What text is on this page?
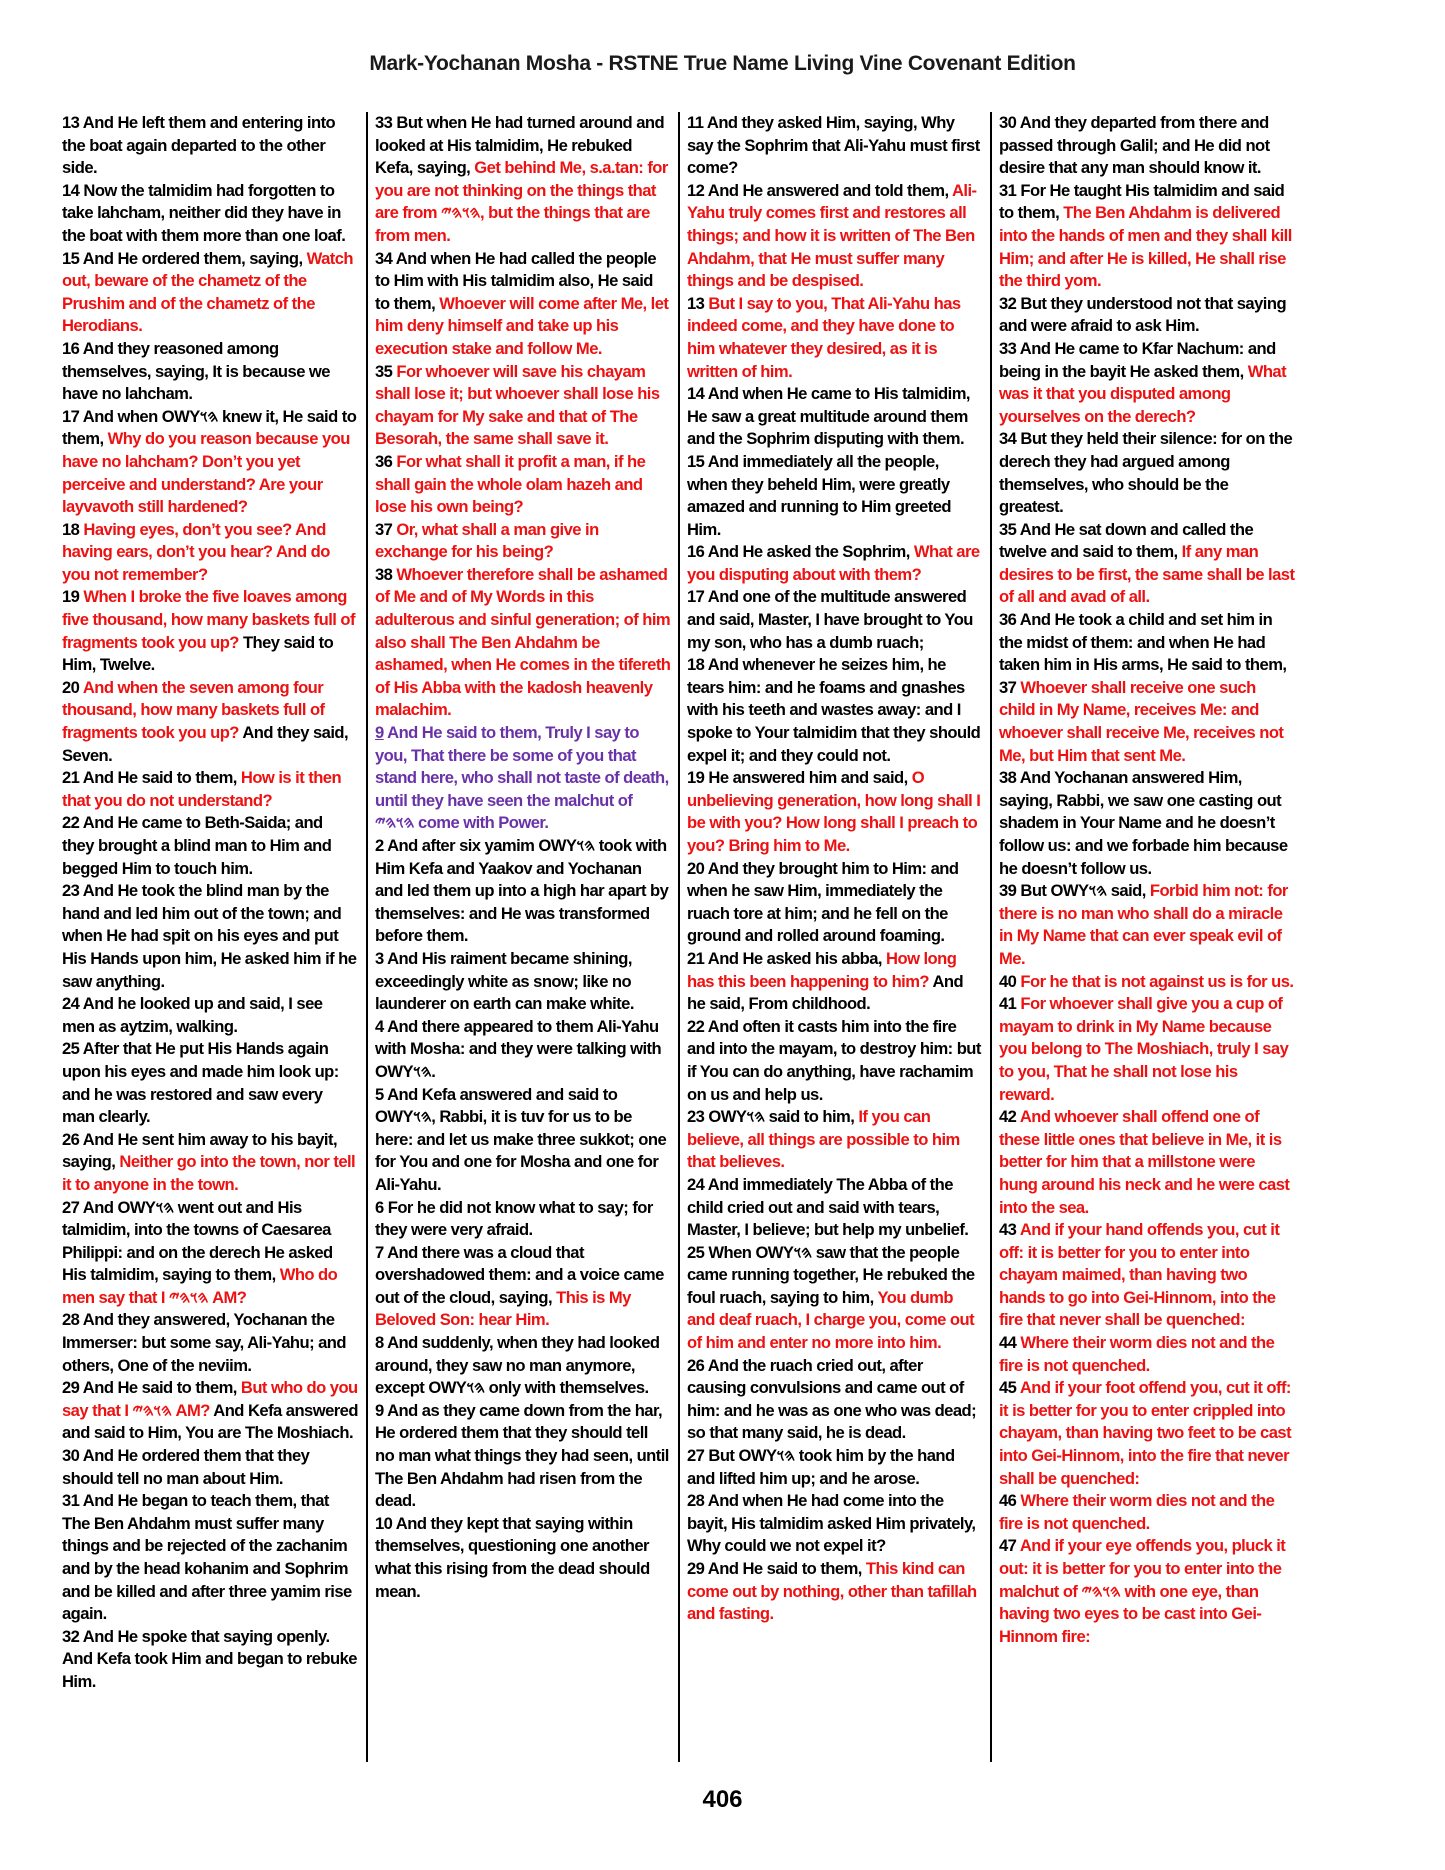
Mark-Yochanan Mosha - RSTNE True Name Living Vine Covenant Edition

13 And He left them and entering into the boat again departed to the other side.

14 Now the talmidim had forgotten to take lahcham, neither did they have in the boat with them more than one loaf.

15 And He ordered them, saying, Watch out, beware of the chametz of the Prushim and of the chametz of the Herodians.

16 And they reasoned among themselves, saying, It is because we have no lahcham.

17 And when OWY𐤄𐤅 knew it, He said to them, Why do you reason because you have no lahcham? Don’t you yet perceive and understand? Are your layvavoth still hardened?

18 Having eyes, don’t you see? And having ears, don’t you hear? And do you not remember?

19 When I broke the five loaves among five thousand, how many baskets full of fragments took you up? They said to Him, Twelve.

20 And when the seven among four thousand, how many baskets full of fragments took you up? And they said, Seven.

21 And He said to them, How is it then that you do not understand?

22 And He came to Beth-Saida; and they brought a blind man to Him and begged Him to touch him.

23 And He took the blind man by the hand and led him out of the town; and when He had spit on his eyes and put His Hands upon him, He asked him if he saw anything.

24 And he looked up and said, I see men as aytzim, walking.

25 After that He put His Hands again upon his eyes and made him look up: and he was restored and saw every man clearly.

26 And He sent him away to his bayit, saying, Neither go into the town, nor tell it to anyone in the town.

27 And OWY𐤄𐤅 went out and His talmidim, into the towns of Caesarea Philippi: and on the derech He asked His talmidim, saying to them, Who do men say that I 𐤄𐤅𐤄𐤉 AM?

28 And they answered, Yochanan the Immerser: but some say, Ali-Yahu; and others, One of the neviim.

29 And He said to them, But who do you say that I 𐤄𐤅𐤄𐤉 AM? And Kefa answered and said to Him, You are The Moshiach.

30 And He ordered them that they should tell no man about Him.

31 And He began to teach them, that The Ben Ahdahm must suffer many things and be rejected of the zachanim and by the head kohanim and Sophrim and be killed and after three yamim rise again.

32 And He spoke that saying openly. And Kefa took Him and began to rebuke Him.

33 But when He had turned around and looked at His talmidim, He rebuked Kefa, saying, Get behind Me, s.a.tan: for you are not thinking on the things that are from 𐤄𐤅𐤄𐤉, but the things that are from men.

34 And when He had called the people to Him with His talmidim also, He said to them, Whoever will come after Me, let him deny himself and take up his execution stake and follow Me.

35 For whoever will save his chayam shall lose it; but whoever shall lose his chayam for My sake and that of The Besorah, the same shall save it.

36 For what shall it profit a man, if he shall gain the whole olam hazeh and lose his own being?

37 Or, what shall a man give in exchange for his being?

38 Whoever therefore shall be ashamed of Me and of My Words in this adulterous and sinful generation; of him also shall The Ben Ahdahm be ashamed, when He comes in the tifereth of His Abba with the kadosh heavenly malachim.

9 And He said to them, Truly I say to you, That there be some of you that stand here, who shall not taste of death, until they have seen the malchut of 𐤄𐤅𐤄𐤉 come with Power.

2 And after six yamim OWY𐤄𐤅 took with Him Kefa and Yaakov and Yochanan and led them up into a high har apart by themselves: and He was transformed before them.

3 And His raiment became shining, exceedingly white as snow; like no launderer on earth can make white.

4 And there appeared to them Ali-Yahu with Mosha: and they were talking with OWY𐤄𐤅.

5 And Kefa answered and said to OWY𐤄𐤅, Rabbi, it is tuv for us to be here: and let us make three sukkot; one for You and one for Mosha and one for Ali-Yahu.

6 For he did not know what to say; for they were very afraid.

7 And there was a cloud that overshadowed them: and a voice came out of the cloud, saying, This is My Beloved Son: hear Him.

8 And suddenly, when they had looked around, they saw no man anymore, except OWY𐤄𐤅 only with themselves.

9 And as they came down from the har, He ordered them that they should tell no man what things they had seen, until The Ben Ahdahm had risen from the dead.

10 And they kept that saying within themselves, questioning one another what this rising from the dead should mean.

11 And they asked Him, saying, Why say the Sophrim that Ali-Yahu must first come?

12 And He answered and told them, Ali-Yahu truly comes first and restores all things; and how it is written of The Ben Ahdahm, that He must suffer many things and be despised.

13 But I say to you, That Ali-Yahu has indeed come, and they have done to him whatever they desired, as it is written of him.

14 And when He came to His talmidim, He saw a great multitude around them and the Sophrim disputing with them.

15 And immediately all the people, when they beheld Him, were greatly amazed and running to Him greeted Him.

16 And He asked the Sophrim, What are you disputing about with them?

17 And one of the multitude answered and said, Master, I have brought to You my son, who has a dumb ruach;

18 And whenever he seizes him, he tears him: and he foams and gnashes with his teeth and wastes away: and I spoke to Your talmidim that they should expel it; and they could not.

19 He answered him and said, O unbelieving generation, how long shall I be with you? How long shall I preach to you? Bring him to Me.

20 And they brought him to Him: and when he saw Him, immediately the ruach tore at him; and he fell on the ground and rolled around foaming.

21 And He asked his abba, How long has this been happening to him? And he said, From childhood.

22 And often it casts him into the fire and into the mayam, to destroy him: but if You can do anything, have rachamim on us and help us.

23 OWY𐤄𐤅 said to him, If you can believe, all things are possible to him that believes.

24 And immediately The Abba of the child cried out and said with tears, Master, I believe; but help my unbelief.

25 When OWY𐤄𐤅 saw that the people came running together, He rebuked the foul ruach, saying to him, You dumb and deaf ruach, I charge you, come out of him and enter no more into him.

26 And the ruach cried out, after causing convulsions and came out of him: and he was as one who was dead; so that many said, he is dead.

27 But OWY𐤄𐤅 took him by the hand and lifted him up; and he arose.

28 And when He had come into the bayit, His talmidim asked Him privately, Why could we not expel it?

29 And He said to them, This kind can come out by nothing, other than tafillah and fasting.

30 And they departed from there and passed through Galil; and He did not desire that any man should know it.

31 For He taught His talmidim and said to them, The Ben Ahdahm is delivered into the hands of men and they shall kill Him; and after He is killed, He shall rise the third yom.

32 But they understood not that saying and were afraid to ask Him.

33 And He came to Kfar Nachum: and being in the bayit He asked them, What was it that you disputed among yourselves on the derech?

34 But they held their silence: for on the derech they had argued among themselves, who should be the greatest.

35 And He sat down and called the twelve and said to them, If any man desires to be first, the same shall be last of all and avad of all.

36 And He took a child and set him in the midst of them: and when He had taken him in His arms, He said to them,

37 Whoever shall receive one such child in My Name, receives Me: and whoever shall receive Me, receives not Me, but Him that sent Me.

38 And Yochanan answered Him, saying, Rabbi, we saw one casting out shadem in Your Name and he doesn’t follow us: and we forbade him because he doesn’t follow us.

39 But OWY𐤄𐤅 said, Forbid him not: for there is no man who shall do a miracle in My Name that can ever speak evil of Me.

40 For he that is not against us is for us.

41 For whoever shall give you a cup of mayam to drink in My Name because you belong to The Moshiach, truly I say to you, That he shall not lose his reward.

42 And whoever shall offend one of these little ones that believe in Me, it is better for him that a millstone were hung around his neck and he were cast into the sea.

43 And if your hand offends you, cut it off: it is better for you to enter into chayam maimed, than having two hands to go into Gei-Hinnom, into the fire that never shall be quenched:

44 Where their worm dies not and the fire is not quenched.

45 And if your foot offend you, cut it off: it is better for you to enter crippled into chayam, than having two feet to be cast into Gei-Hinnom, into the fire that never shall be quenched:

46 Where their worm dies not and the fire is not quenched.

47 And if your eye offends you, pluck it out: it is better for you to enter into the malchut of 𐤄𐤅𐤄𐤉 with one eye, than having two eyes to be cast into Gei-Hinnom fire:

406
